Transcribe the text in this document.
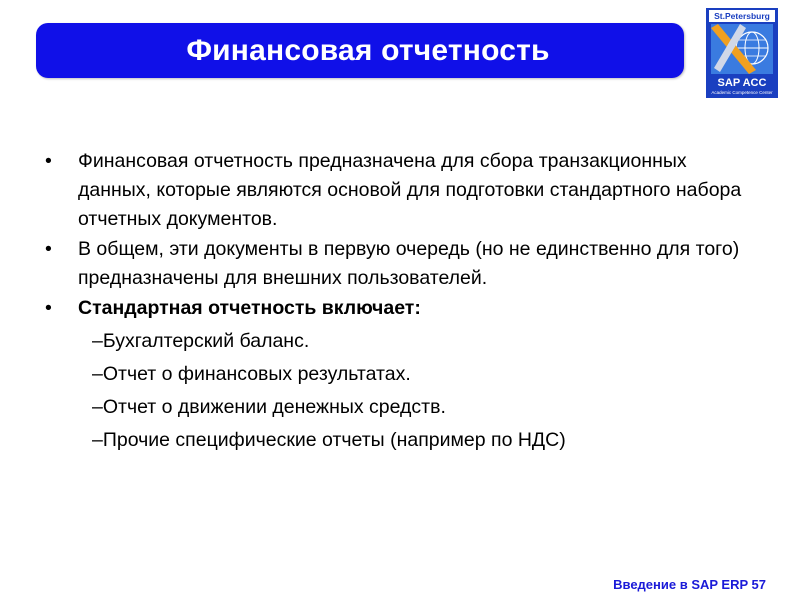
Финансовая отчетность
St.Petersburg
SAP ACC
Academic Competence Center
• Финансовая отчетность предназначена для сбора транзакционных данных, которые являются основой для подготовки стандартного набора отчетных документов.
• В общем, эти документы в первую очередь (но не единственно для того) предназначены для внешних пользователей.
• Стандартная отчетность включает:
–Бухгалтерский баланс.
–Отчет о финансовых результатах.
–Отчет о движении денежных средств.
–Прочие специфические отчеты (например по НДС)
Введение в SAP ERP 57
